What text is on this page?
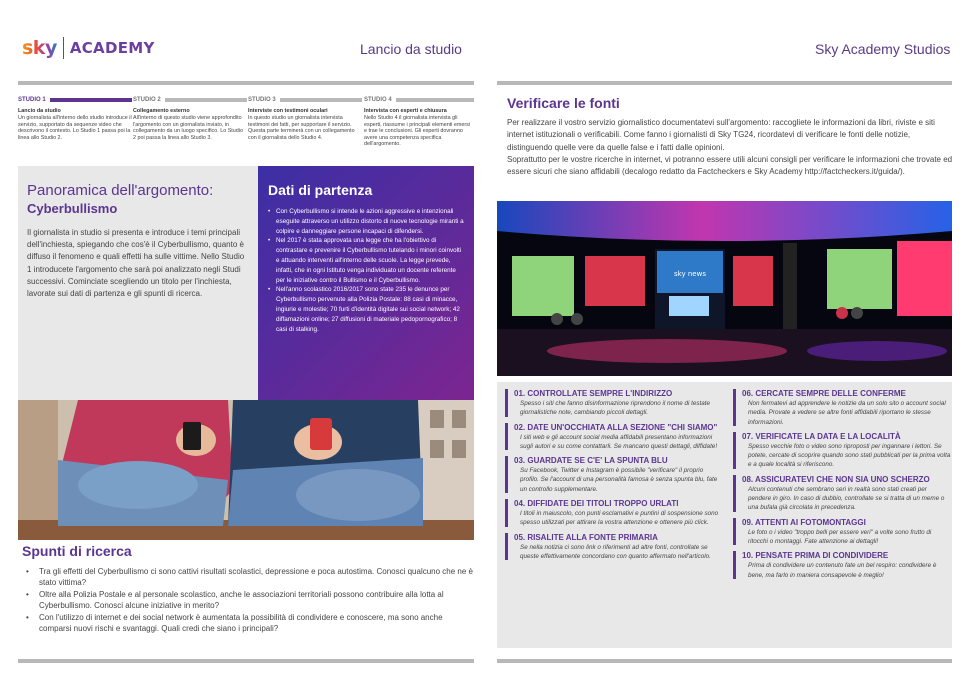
sky ACADEMY	Lancio da studio
STUDIO 1
Lancio da studio
Un giornalista all'interno dello studio introduce il servizio, supportato da sequenze video che descrivono il contesto. Lo Studio 1 passa poi la linea allo Studio 2.
STUDIO 2
Collegamento esterno
All'interno di questo studio viene approfondito l'argomento con un giornalista inviato, in collegamento da un luogo specifico. Lo Studio 2 poi passa la linea allo Studio 3.
STUDIO 3
Interviste con testimoni oculari
In questo studio un giornalista intervista testimoni dei fatti, per supportare il servizio. Questa parte terminerà con un collegamento con il giornalista dello Studio 4.
STUDIO 4
Intervista con esperti e chiusura
Nello Studio 4 il giornalista intervista gli esperti, riassume i principali elementi emersi e trae le conclusioni. Gli esperti dovranno avere una competenza specifica dell'argomento.
Panoramica dell'argomento:
Cyberbullismo
Il giornalista in studio si presenta e introduce i temi principali dell'inchiesta, spiegando che cos'è il Cyberbullismo, quanto è diffuso il fenomeno e quali effetti ha sulle vittime. Nello Studio 1 introducete l'argomento che sarà poi analizzato negli Studi successivi. Cominciate scegliendo un titolo per l'inchiesta, lavorate sui dati di partenza e gli spunti di ricerca.
Dati di partenza
• Con Cyberbullismo si intende le azioni aggressive e intenzionali eseguite attraverso un utilizzo distorto di nuove tecnologie miranti a colpire e danneggiare persone incapaci di difendersi.
• Nel 2017 è stata approvata una legge che ha l'obiettivo di contrastare e prevenire il Cyberbullismo tutelando i minori coinvolti e attuando interventi all'interno delle scuole. La legge prevede, infatti, che in ogni Istituto venga individuato un docente referente per le iniziative contro il Bullismo e il Cyberbullismo.
• Nell'anno scolastico 2016/2017 sono state 235 le denunce per Cyberbullismo pervenute alla Polizia Postale: 88 casi di minacce, ingiurie e molestie; 70 furti d'identità digitale sui social network; 42 diffamazioni online; 27 diffusioni di materiale pedopornografico; 8 casi di stalking.
Spunti di ricerca
• Tra gli effetti del Cyberbullismo ci sono cattivi risultati scolastici, depressione e poca autostima. Conosci qualcuno che ne è stato vittima?
• Oltre alla Polizia Postale e al personale scolastico, anche le associazioni territoriali possono contribuire alla lotta al Cyberbullismo. Conosci alcune iniziative in merito?
• Con l'utilizzo di internet e dei social network è aumentata la possibilità di condividere e conoscere, ma sono anche comparsi nuovi rischi e svantaggi. Quali credi che siano i principali?
Sky Academy Studios
Verificare le fonti
Per realizzare il vostro servizio giornalistico documentatevi sull'argomento: raccogliete le informazioni da libri, riviste e siti internet istituzionali o verificabili. Come fanno i giornalisti di Sky TG24, ricordatevi di verificare le fonti delle notizie, distinguendo quelle vere da quelle false e i fatti dalle opinioni.
Soprattutto per le vostre ricerche in internet, vi potranno essere utili alcuni consigli per verificare le informazioni che trovate ed essere sicuri che siano affidabili (decalogo redatto da Factcheckers e Sky Academy http://factcheckers.it/guida/).
sky news
01. CONTROLLATE SEMPRE L'INDIRIZZO
Spesso i siti che fanno disinformazione riprendono il nome di testate giornalistiche note, cambiando piccoli dettagli.
02. DATE UN'OCCHIATA ALLA SEZIONE "CHI SIAMO"
I siti web e gli account social media affidabili presentano informazioni sugli autori e su come contattarli. Se mancano questi dettagli, diffidate!
03. GUARDATE SE C'E' LA SPUNTA BLU
Su Facebook, Twitter e Instagram è possibile "verificare" il proprio profilo. Se l'account di una personalità famosa è senza spunta blu, fate un controllo supplementare.
04. DIFFIDATE DEI TITOLI TROPPO URLATI
I titoli in maiuscolo, con punti esclamativi e puntini di sospensione sono spesso utilizzati per attirare la vostra attenzione e ottenere più click.
05. RISALITE ALLA FONTE PRIMARIA
Se nella notizia ci sono link o riferimenti ad altre fonti, controllate se queste effettivamente concordano con quanto affermato nell'articolo.
06. CERCATE SEMPRE DELLE CONFERME
Non fermatevi ad apprendere le notizie da un solo sito o account social media. Provate a vedere se altre fonti affidabili riportano le stesse informazioni.
07. VERIFICATE LA DATA E LA LOCALITÀ
Spesso vecchie foto o video sono riproposti per ingannare i lettori. Se potete, cercate di scoprire quando sono stati pubblicati per la prima volta e a quale località si riferiscono.
08. ASSICURATEVI CHE NON SIA UNO SCHERZO
Alcuni contenuti che sembrano seri in realtà sono stati creati per pendere in giro. In caso di dubbio, controllate se si tratta di un meme o una bufala già circolata in precedenza.
09. ATTENTI AI FOTOMONTAGGI
Le foto o i video "troppo belli per essere veri" a volte sono frutto di ritocchi o montaggi. Fate attenzione ai dettagli!
10. PENSATE PRIMA DI CONDIVIDERE
Prima di condividere un contenuto fate un bel respiro: condividere è bene, ma farlo in maniera consapevole è meglio!
